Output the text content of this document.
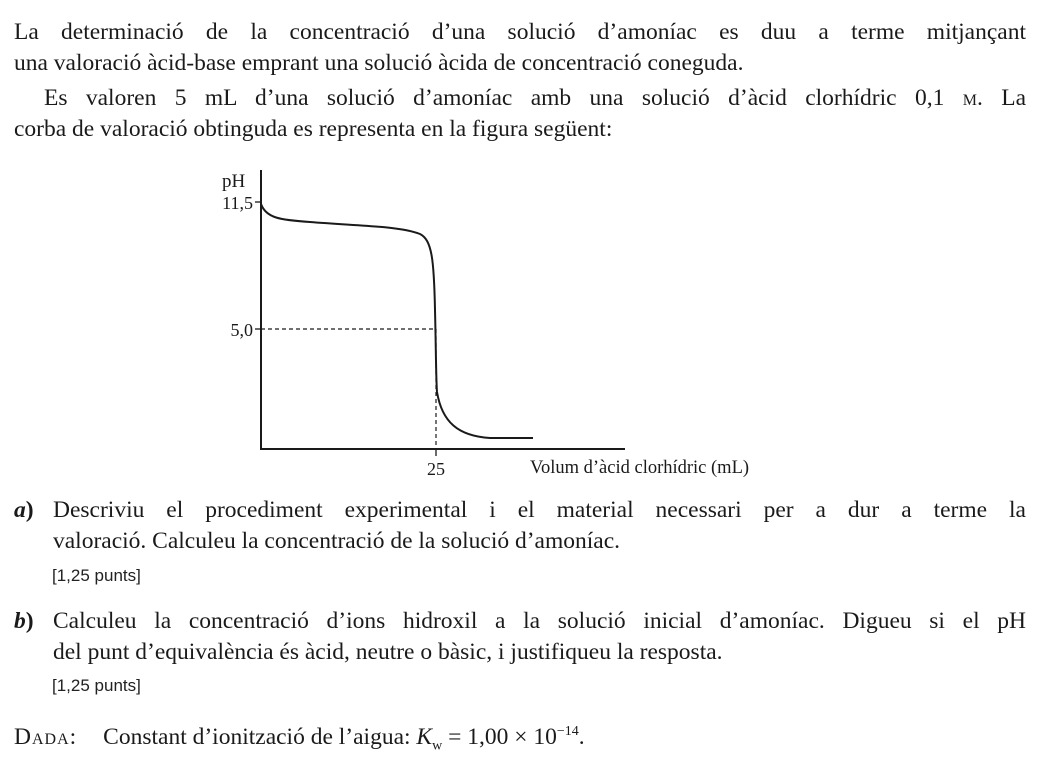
La determinació de la concentració d’una solució d’amoníac es duu a terme mitjançant
una valoració àcid-base emprant una solució àcida de concentració coneguda.
Es valoren 5 mL d’una solució d’amoníac amb una solució d’àcid clorhídric 0,1 m. La
corba de valoració obtinguda es representa en la figura següent:
pH
11,5
5,0
25	Volum d’àcid clorhídric (mL)
a) Descriviu el procediment experimental i el material necessari per a dur a terme la
valoració. Calculeu la concentració de la solució d’amoníac.
[1,25 punts]
b) Calculeu la concentració d’ions hidroxil a la solució inicial d’amoníac. Digueu si el pH
del punt d’equivalència és àcid, neutre o bàsic, i justifiqueu la resposta.
[1,25 punts]
Dada: Constant d’ionització de l’aigua: $K_w = 1,00 \times 10^{-14}$.
